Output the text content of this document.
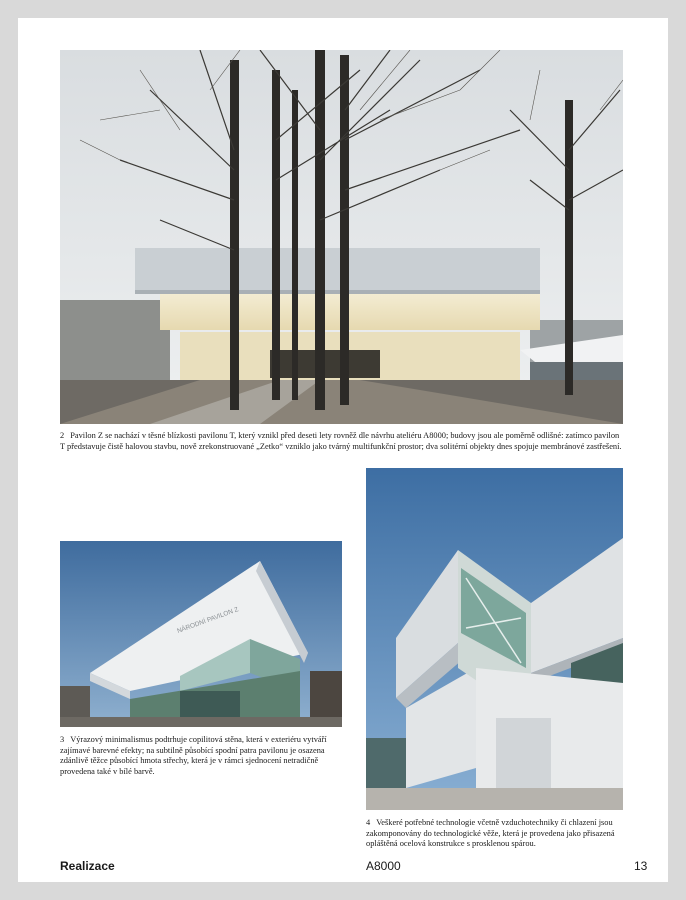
2 Pavilon Z se nachází v těsné blízkosti pavilonu T, který vznikl před deseti lety rovněž dle návrhu ateliéru A8000; budovy jsou ale poměrně odlišné: zatímco pavilon T představuje čistě halovou stavbu, nově zrekonstruované „Zetko“ vzniklo jako tvárný multifunkční prostor; dva solitérní objekty dnes spojuje membránové zastřešení.
NÁRODNÍ PAVILON Z
3 Výrazový minimalismus podtrhuje copilitová stěna, která v exteriéru vytváří zajímavé barevné efekty; na subtilně působící spodní patra pavilonu je osazena zdánlivě těžce působící hmota střechy, která je v rámci sjednocení netradičně provedena také v bílé barvě.
4 Veškeré potřebné technologie včetně vzduchotechniky či chlazení jsou zakomponovány do technologické věže, která je provedena jako přisazená opláštěná ocelová konstrukce s prosklenou spárou.
Realizace	A8000	13
